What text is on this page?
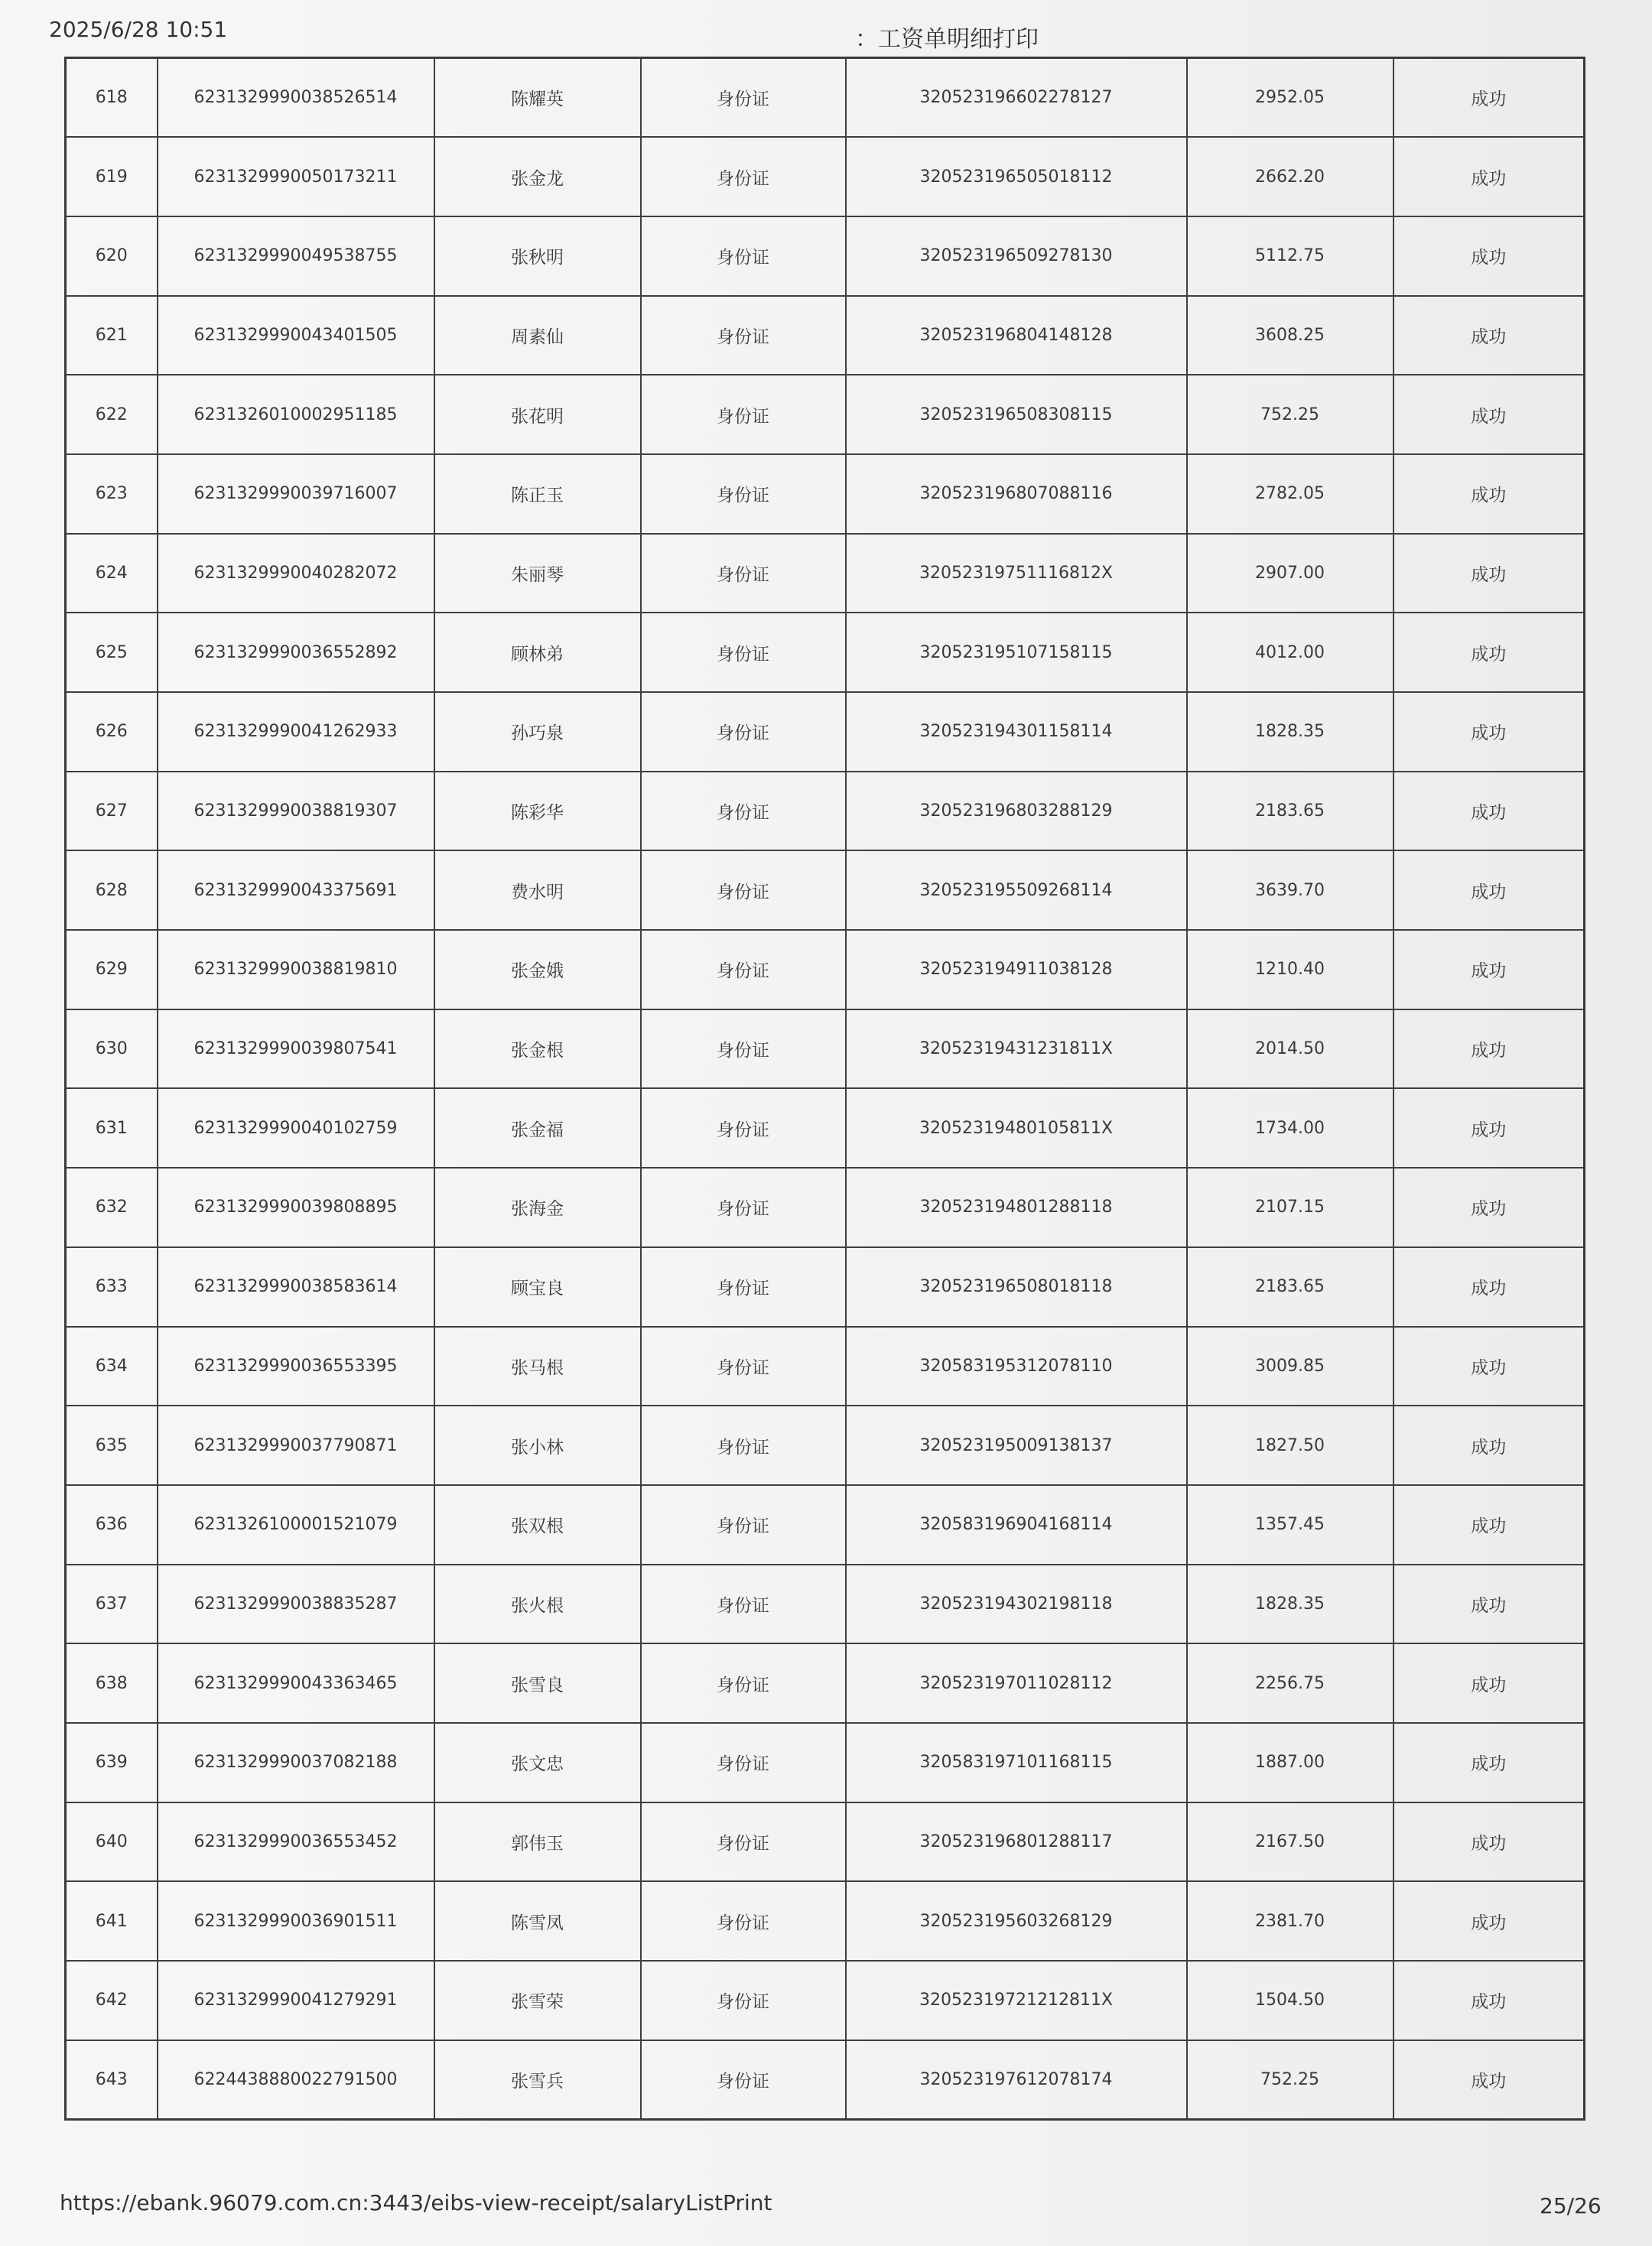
2025/6/28 10:51	：工资单明细打印
618	6231329990038526514	陈耀英	身份证	320523196602278127	2952.05	成功
619	6231329990050173211	张金龙	身份证	320523196505018112	2662.20	成功
620	6231329990049538755	张秋明	身份证	320523196509278130	5112.75	成功
621	6231329990043401505	周素仙	身份证	320523196804148128	3608.25	成功
622	6231326010002951185	张花明	身份证	320523196508308115	752.25	成功
623	6231329990039716007	陈正玉	身份证	320523196807088116	2782.05	成功
624	6231329990040282072	朱丽琴	身份证	32052319751116812X	2907.00	成功
625	6231329990036552892	顾林弟	身份证	320523195107158115	4012.00	成功
626	6231329990041262933	孙巧泉	身份证	320523194301158114	1828.35	成功
627	6231329990038819307	陈彩华	身份证	320523196803288129	2183.65	成功
628	6231329990043375691	费水明	身份证	320523195509268114	3639.70	成功
629	6231329990038819810	张金娥	身份证	320523194911038128	1210.40	成功
630	6231329990039807541	张金根	身份证	32052319431231811X	2014.50	成功
631	6231329990040102759	张金福	身份证	32052319480105811X	1734.00	成功
632	6231329990039808895	张海金	身份证	320523194801288118	2107.15	成功
633	6231329990038583614	顾宝良	身份证	320523196508018118	2183.65	成功
634	6231329990036553395	张马根	身份证	320583195312078110	3009.85	成功
635	6231329990037790871	张小林	身份证	320523195009138137	1827.50	成功
636	6231326100001521079	张双根	身份证	320583196904168114	1357.45	成功
637	6231329990038835287	张火根	身份证	320523194302198118	1828.35	成功
638	6231329990043363465	张雪良	身份证	320523197011028112	2256.75	成功
639	6231329990037082188	张文忠	身份证	320583197101168115	1887.00	成功
640	6231329990036553452	郭伟玉	身份证	320523196801288117	2167.50	成功
641	6231329990036901511	陈雪凤	身份证	320523195603268129	2381.70	成功
642	6231329990041279291	张雪荣	身份证	32052319721212811X	1504.50	成功
643	6224438880022791500	张雪兵	身份证	320523197612078174	752.25	成功
https://ebank.96079.com.cn:3443/eibs-view-receipt/salaryListPrint	25/26
